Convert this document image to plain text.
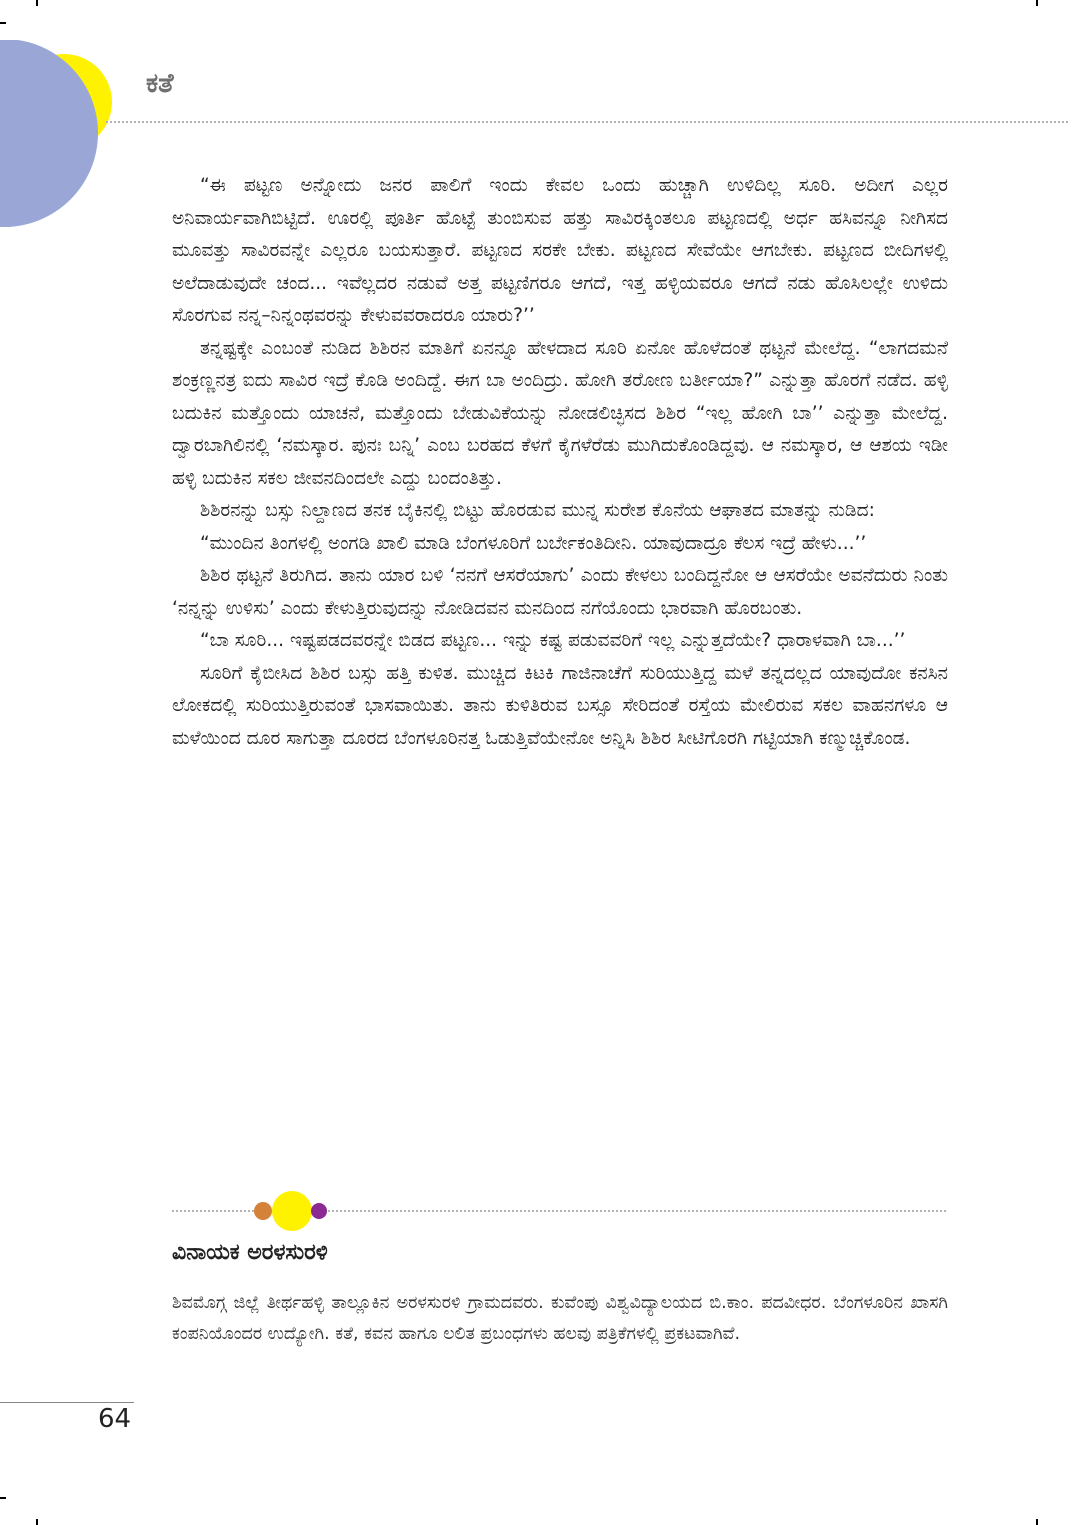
ಕತೆ

“ಈ ಪಟ್ಟಣ ಅನ್ನೋದು ಜನರ ಪಾಲಿಗೆ ಇಂದು ಕೇವಲ ಒಂದು ಹುಚ್ಚಾಗಿ ಉಳಿದಿಲ್ಲ ಸೂರಿ. ಅದೀಗ ಎಲ್ಲರ ಅನಿವಾರ್ಯವಾಗಿಬಿಟ್ಟಿದೆ. ಊರಲ್ಲಿ ಪೂರ್ತಿ ಹೊಟ್ಟೆ ತುಂಬಿಸುವ ಹತ್ತು ಸಾವಿರಕ್ಕಿಂತಲೂ ಪಟ್ಟಣದಲ್ಲಿ ಅರ್ಧ ಹಸಿವನ್ನೂ ನೀಗಿಸದ ಮೂವತ್ತು ಸಾವಿರವನ್ನೇ ಎಲ್ಲರೂ ಬಯಸುತ್ತಾರೆ. ಪಟ್ಟಣದ ಸರಕೇ ಬೇಕು. ಪಟ್ಟಣದ ಸೇವೆಯೇ ಆಗಬೇಕು. ಪಟ್ಟಣದ ಬೀದಿಗಳಲ್ಲಿ ಅಲೆದಾಡುವುದೇ ಚಂದ... ಇವೆಲ್ಲದರ ನಡುವೆ ಅತ್ತ ಪಟ್ಟಣಿಗರೂ ಆಗದೆ, ಇತ್ತ ಹಳ್ಳಿಯವರೂ ಆಗದೆ ನಡು ಹೊಸಿಲಲ್ಲೇ ಉಳಿದು ಸೊರಗುವ ನನ್ನ–ನಿನ್ನಂಥವರನ್ನು ಕೇಳುವವರಾದರೂ ಯಾರು?’’

ತನ್ನಷ್ಟಕ್ಕೇ ಎಂಬಂತೆ ನುಡಿದ ಶಿಶಿರನ ಮಾತಿಗೆ ಏನನ್ನೂ ಹೇಳದಾದ ಸೂರಿ ಏನೋ ಹೊಳೆದಂತೆ ಥಟ್ಟನೆ ಮೇಲೆದ್ದ. “ಲಾಗದಮನೆ ಶಂಕ್ರಣ್ಣನತ್ರ ಐದು ಸಾವಿರ ಇದ್ರೆ ಕೊಡಿ ಅಂದಿದ್ದೆ. ಈಗ ಬಾ ಅಂದಿದ್ರು. ಹೋಗಿ ತರೋಣ ಬರ್ತೀಯಾ?” ಎನ್ನುತ್ತಾ ಹೊರಗೆ ನಡೆದ. ಹಳ್ಳಿ ಬದುಕಿನ ಮತ್ತೊಂದು ಯಾಚನೆ, ಮತ್ತೊಂದು ಬೇಡುವಿಕೆಯನ್ನು ನೋಡಲಿಚ್ಛಿಸದ ಶಿಶಿರ “ಇಲ್ಲ ಹೋಗಿ ಬಾ’’ ಎನ್ನುತ್ತಾ ಮೇಲೆದ್ದ. ದ್ವಾರಬಾಗಿಲಿನಲ್ಲಿ ‘ನಮಸ್ಕಾರ. ಪುನಃ ಬನ್ನಿ’ ಎಂಬ ಬರಹದ ಕೆಳಗೆ ಕೈಗಳೆರೆಡು ಮುಗಿದುಕೊಂಡಿದ್ದವು. ಆ ನಮಸ್ಕಾರ, ಆ ಆಶಯ ಇಡೀ ಹಳ್ಳಿ ಬದುಕಿನ ಸಕಲ ಜೀವನದಿಂದಲೇ ಎದ್ದು ಬಂದಂತಿತ್ತು.

ಶಿಶಿರನನ್ನು ಬಸ್ಸು ನಿಲ್ದಾಣದ ತನಕ ಬೈಕಿನಲ್ಲಿ ಬಿಟ್ಟು ಹೊರಡುವ ಮುನ್ನ ಸುರೇಶ ಕೊನೆಯ ಆಘಾತದ ಮಾತನ್ನು ನುಡಿದ:

“ಮುಂದಿನ ತಿಂಗಳಲ್ಲಿ ಅಂಗಡಿ ಖಾಲಿ ಮಾಡಿ ಬೆಂಗಳೂರಿಗೆ ಬರ್ಬೇಕಂತಿದೀನಿ. ಯಾವುದಾದ್ರೂ ಕೆಲಸ ಇದ್ರೆ ಹೇಳು...’’

ಶಿಶಿರ ಥಟ್ಟನೆ ತಿರುಗಿದ. ತಾನು ಯಾರ ಬಳಿ ‘ನನಗೆ ಆಸರೆಯಾಗು’ ಎಂದು ಕೇಳಲು ಬಂದಿದ್ದನೋ ಆ ಆಸರೆಯೇ ಅವನೆದುರು ನಿಂತು ‘ನನ್ನನ್ನು ಉಳಿಸು’ ಎಂದು ಕೇಳುತ್ತಿರುವುದನ್ನು ನೋಡಿದವನ ಮನದಿಂದ ನಗೆಯೊಂದು ಭಾರವಾಗಿ ಹೊರಬಂತು.

“ಬಾ ಸೂರಿ... ಇಷ್ಟಪಡದವರನ್ನೇ ಬಿಡದ ಪಟ್ಟಣ... ಇನ್ನು ಕಷ್ಟ ಪಡುವವರಿಗೆ ಇಲ್ಲ ಎನ್ನುತ್ತದೆಯೇ? ಧಾರಾಳವಾಗಿ ಬಾ...’’

ಸೂರಿಗೆ ಕೈಬೀಸಿದ ಶಿಶಿರ ಬಸ್ಸು ಹತ್ತಿ ಕುಳಿತ. ಮುಚ್ಚಿದ ಕಿಟಕಿ ಗಾಜಿನಾಚೆಗೆ ಸುರಿಯುತ್ತಿದ್ದ ಮಳೆ ತನ್ನದಲ್ಲದ ಯಾವುದೋ ಕನಸಿನ ಲೋಕದಲ್ಲಿ ಸುರಿಯುತ್ತಿರುವಂತೆ ಭಾಸವಾಯಿತು. ತಾನು ಕುಳಿತಿರುವ ಬಸ್ಸೂ ಸೇರಿದಂತೆ ರಸ್ತೆಯ ಮೇಲಿರುವ ಸಕಲ ವಾಹನಗಳೂ ಆ ಮಳೆಯಿಂದ ದೂರ ಸಾಗುತ್ತಾ ದೂರದ ಬೆಂಗಳೂರಿನತ್ತ ಓಡುತ್ತಿವೆಯೇನೋ ಅನ್ನಿಸಿ ಶಿಶಿರ ಸೀಟಿಗೊರಗಿ ಗಟ್ಟಿಯಾಗಿ ಕಣ್ಮುಚ್ಚಿಕೊಂಡ.

ವಿನಾಯಕ ಅರಳಸುರಳಿ

ಶಿವಮೊಗ್ಗ ಜಿಲ್ಲೆ ತೀರ್ಥಹಳ್ಳಿ ತಾಲ್ಲೂಕಿನ ಅರಳಸುರಳಿ ಗ್ರಾಮದವರು. ಕುವೆಂಪು ವಿಶ್ವವಿದ್ಯಾಲಯದ ಬಿ.ಕಾಂ. ಪದವೀಧರ. ಬೆಂಗಳೂರಿನ ಖಾಸಗಿ ಕಂಪನಿಯೊಂದರ ಉದ್ಯೋಗಿ. ಕತೆ, ಕವನ ಹಾಗೂ ಲಲಿತ ಪ್ರಬಂಧಗಳು ಹಲವು ಪತ್ರಿಕೆಗಳಲ್ಲಿ ಪ್ರಕಟವಾಗಿವೆ.

64
